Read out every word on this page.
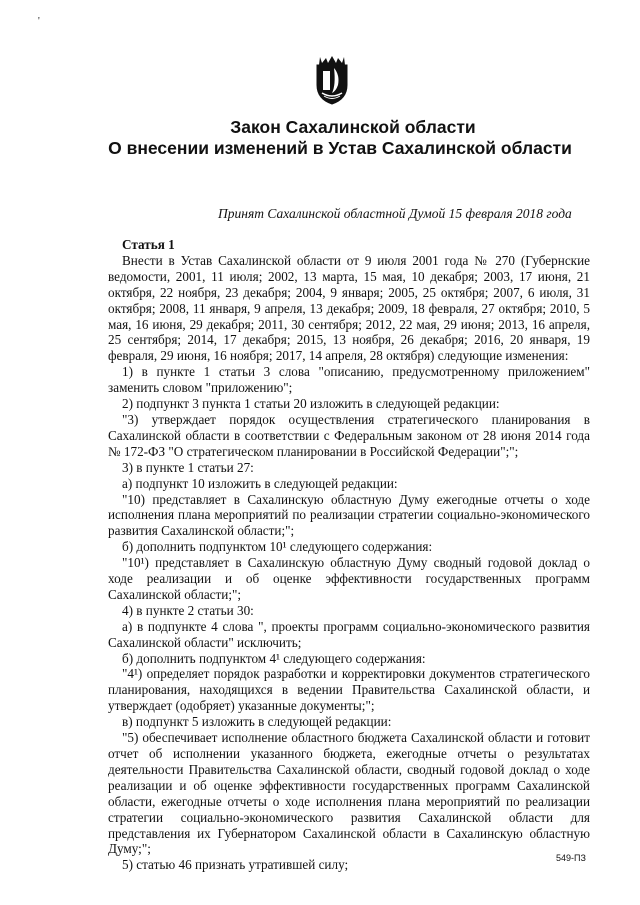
'
Закон Сахалинской области
О внесении изменений в Устав Сахалинской области
Принят Сахалинской областной Думой 15 февраля 2018 года
Статья 1

Внести в Устав Сахалинской области от 9 июля 2001 года № 270 (Губернские ведомости, 2001, 11 июля; 2002, 13 марта, 15 мая, 10 декабря; 2003, 17 июня, 21 октября, 22 ноября, 23 декабря; 2004, 9 января; 2005, 25 октября; 2007, 6 июля, 31 октября; 2008, 11 января, 9 апреля, 13 декабря; 2009, 18 февраля, 27 октября; 2010, 5 мая, 16 июня, 29 декабря; 2011, 30 сентября; 2012, 22 мая, 29 июня; 2013, 16 апреля, 25 сентября; 2014, 17 декабря; 2015, 13 ноября, 26 декабря; 2016, 20 января, 19 февраля, 29 июня, 16 ноября; 2017, 14 апреля, 28 октября) следующие изменения:

1) в пункте 1 статьи 3 слова "описанию, предусмотренному приложением" заменить словом "приложению";

2) подпункт 3 пункта 1 статьи 20 изложить в следующей редакции:

"3) утверждает порядок осуществления стратегического планирования в Сахалинской области в соответствии с Федеральным законом от 28 июня 2014 года № 172-ФЗ "О стратегическом планировании в Российской Федерации";";

3) в пункте 1 статьи 27:

а) подпункт 10 изложить в следующей редакции:

"10) представляет в Сахалинскую областную Думу ежегодные отчеты о ходе исполнения плана мероприятий по реализации стратегии социально-экономического развития Сахалинской области;";

б) дополнить подпунктом 10¹ следующего содержания:

"10¹) представляет в Сахалинскую областную Думу сводный годовой доклад о ходе реализации и об оценке эффективности государственных программ Сахалинской области;";

4) в пункте 2 статьи 30:

а) в подпункте 4 слова ", проекты программ социально-экономического развития Сахалинской области" исключить;

б) дополнить подпунктом 4¹ следующего содержания:

"4¹) определяет порядок разработки и корректировки документов стратегического планирования, находящихся в ведении Правительства Сахалинской области, и утверждает (одобряет) указанные документы;";

в) подпункт 5 изложить в следующей редакции:

"5) обеспечивает исполнение областного бюджета Сахалинской области и готовит отчет об исполнении указанного бюджета, ежегодные отчеты о результатах деятельности Правительства Сахалинской области, сводный годовой доклад о ходе реализации и об оценке эффективности государственных программ Сахалинской области, ежегодные отчеты о ходе исполнения плана мероприятий по реализации стратегии социально-экономического развития Сахалинской области для представления их Губернатором Сахалинской области в Сахалинскую областную Думу;";

5) статью 46 признать утратившей силу;	549-ПЗ
